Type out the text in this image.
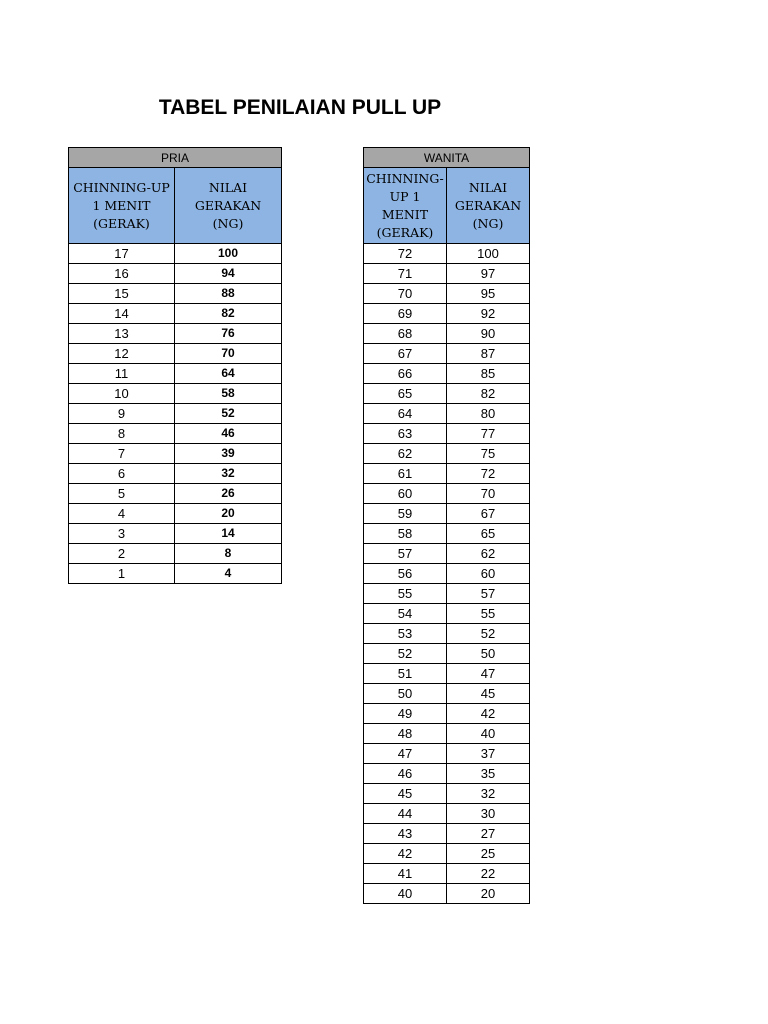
TABEL PENILAIAN PULL UP
PRIA	

CHINNING-UP
1 MENIT
(GERAK)	NILAI
GERAKAN
(NG)

17	100
16	94
15	88
14	82
13	76
12	70
11	64
10	58
9	52
8	46
7	39
6	32
5	26
4	20
3	14
2	8
1	4
WANITA	

CHINNING-
UP 1
MENIT
(GERAK)	NILAI
GERAKAN
(NG)

72	100
71	97
70	95
69	92
68	90
67	87
66	85
65	82
64	80
63	77
62	75
61	72
60	70
59	67
58	65
57	62
56	60
55	57
54	55
53	52
52	50
51	47
50	45
49	42
48	40
47	37
46	35
45	32
44	30
43	27
42	25
41	22
40	20
